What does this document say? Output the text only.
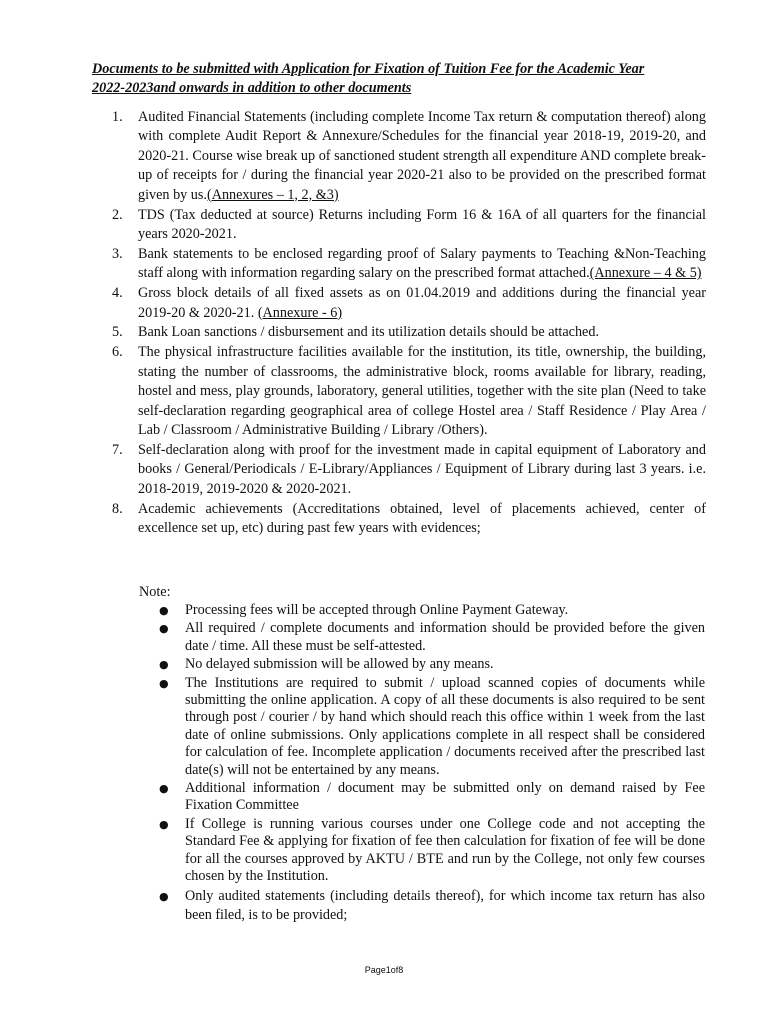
Documents to be submitted with Application for Fixation of Tuition Fee for the Academic Year
2022-2023and onwards in addition to other documents
1. Audited Financial Statements (including complete Income Tax return & computation thereof) along with complete Audit Report & Annexure/Schedules for the financial year 2018-19, 2019-20, and 2020-21. Course wise break up of sanctioned student strength all expenditure AND complete break-up of receipts for / during the financial year 2020-21 also to be provided on the prescribed format given by us.(Annexures – 1, 2, &3)
2. TDS (Tax deducted at source) Returns including Form 16 & 16A of all quarters for the financial years 2020-2021.
3. Bank statements to be enclosed regarding proof of Salary payments to Teaching &Non-Teaching staff along with information regarding salary on the prescribed format attached.(Annexure – 4 & 5)
4. Gross block details of all fixed assets as on 01.04.2019 and additions during the financial year 2019-20 & 2020-21. (Annexure - 6)
5. Bank Loan sanctions / disbursement and its utilization details should be attached.
6. The physical infrastructure facilities available for the institution, its title, ownership, the building, stating the number of classrooms, the administrative block, rooms available for library, reading, hostel and mess, play grounds, laboratory, general utilities, together with the site plan (Need to take self-declaration regarding geographical area of college Hostel area / Staff Residence / Play Area / Lab / Classroom / Administrative Building / Library /Others).
7. Self-declaration along with proof for the investment made in capital equipment of Laboratory and books / General/Periodicals / E-Library/Appliances / Equipment of Library during last 3 years. i.e. 2018-2019, 2019-2020 & 2020-2021.
8. Academic achievements (Accreditations obtained, level of placements achieved, center of excellence set up, etc) during past few years with evidences;

Note:

● Processing fees will be accepted through Online Payment Gateway.
● All required / complete documents and information should be provided before the given date / time. All these must be self-attested.
● No delayed submission will be allowed by any means.
● The Institutions are required to submit / upload scanned copies of documents while submitting the online application. A copy of all these documents is also required to be sent through post / courier / by hand which should reach this office within 1 week from the last date of online submissions. Only applications complete in all respect shall be considered for calculation of fee. Incomplete application / documents received after the prescribed last date(s) will not be entertained by any means.
● Additional information / document may be submitted only on demand raised by Fee Fixation Committee
● If College is running various courses under one College code and not accepting the Standard Fee & applying for fixation of fee then calculation for fixation of fee will be done for all the courses approved by AKTU / BTE and run by the College, not only few courses chosen by the Institution.
● Only audited statements (including details thereof), for which income tax return has also been filed, is to be provided;
Page1of8
